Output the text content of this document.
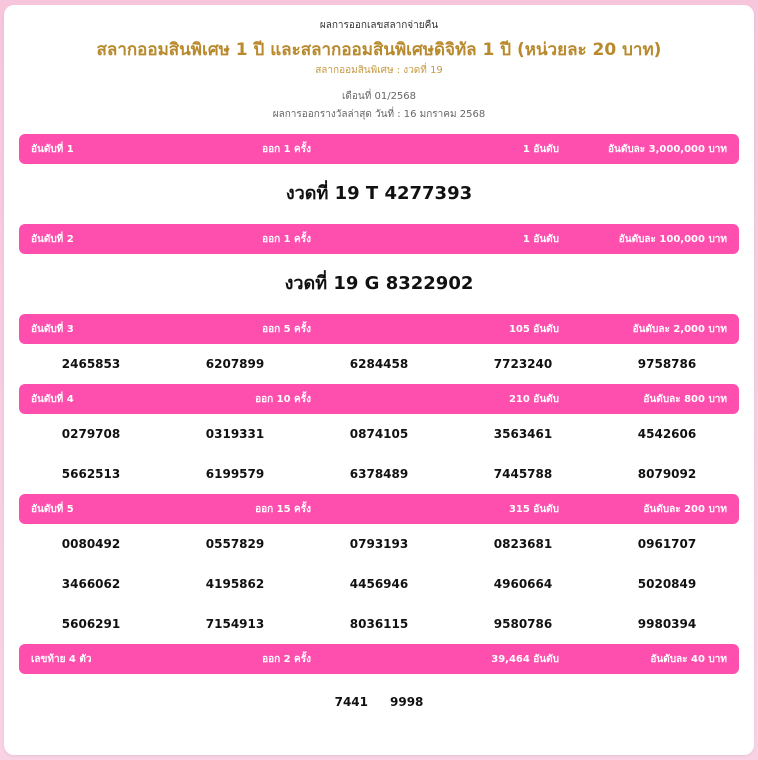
ผลการออกเลขสลากจ่ายคืน
สลากออมสินพิเศษ 1 ปี และสลากออมสินพิเศษดิจิทัล 1 ปี (หน่วยละ 20 บาท)
สลากออมสินพิเศษ : งวดที่ 19
เดือนที่ 01/2568
ผลการออกรางวัลล่าสุด วันที่ : 16 มกราคม 2568
อันดับที่ 1	ออก 1 ครั้ง	1 อันดับ	อันดับละ 3,000,000 บาท
งวดที่ 19 T 4277393
อันดับที่ 2	ออก 1 ครั้ง	1 อันดับ	อันดับละ 100,000 บาท
งวดที่ 19 G 8322902
อันดับที่ 3	ออก 5 ครั้ง	105 อันดับ	อันดับละ 2,000 บาท
2465853	6207899	6284458	7723240	9758786
อันดับที่ 4	ออก 10 ครั้ง	210 อันดับ	อันดับละ 800 บาท
0279708	0319331	0874105	3563461	4542606
5662513	6199579	6378489	7445788	8079092
อันดับที่ 5	ออก 15 ครั้ง	315 อันดับ	อันดับละ 200 บาท
0080492	0557829	0793193	0823681	0961707
3466062	4195862	4456946	4960664	5020849
5606291	7154913	8036115	9580786	9980394
เลขท้าย 4 ตัว	ออก 2 ครั้ง	39,464 อันดับ	อันดับละ 40 บาท
7441 9998
